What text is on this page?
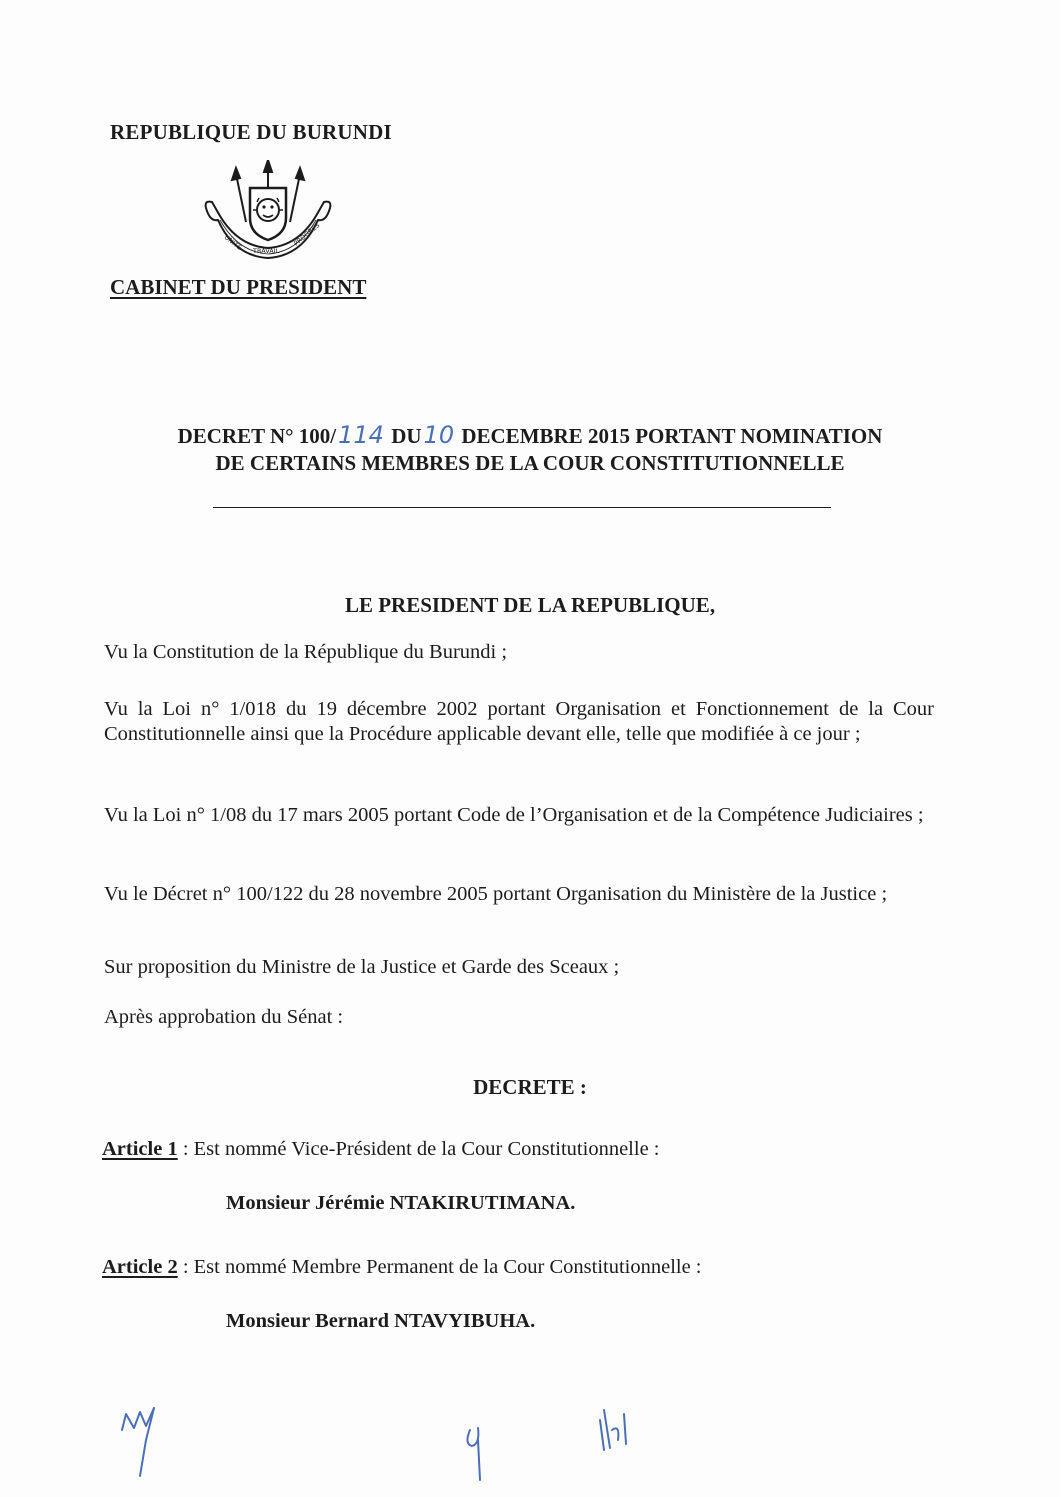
REPUBLIQUE DU BURUNDI
UNITE TRAVAIL
PROGRES
CABINET DU PRESIDENT
DECRET N° 100/114 DU10 DECEMBRE 2015 PORTANT NOMINATION
DE CERTAINS MEMBRES DE LA COUR CONSTITUTIONNELLE
LE PRESIDENT DE LA REPUBLIQUE,
Vu la Constitution de la République du Burundi ;
Vu la Loi n° 1/018 du 19 décembre 2002 portant Organisation et Fonctionnement de la Cour Constitutionnelle ainsi que la Procédure applicable devant elle, telle que modifiée à ce jour ;
Vu la Loi n° 1/08 du 17 mars 2005 portant Code de l’Organisation et de la Compétence Judiciaires ;
Vu le Décret n° 100/122 du 28 novembre 2005 portant Organisation du Ministère de la Justice ;
Sur proposition du Ministre de la Justice et Garde des Sceaux ;
Après approbation du Sénat :
DECRETE :
Article 1 : Est nommé Vice-Président de la Cour Constitutionnelle :
Monsieur Jérémie NTAKIRUTIMANA.
Article 2 : Est nommé Membre Permanent de la Cour Constitutionnelle :
Monsieur Bernard NTAVYIBUHA.
